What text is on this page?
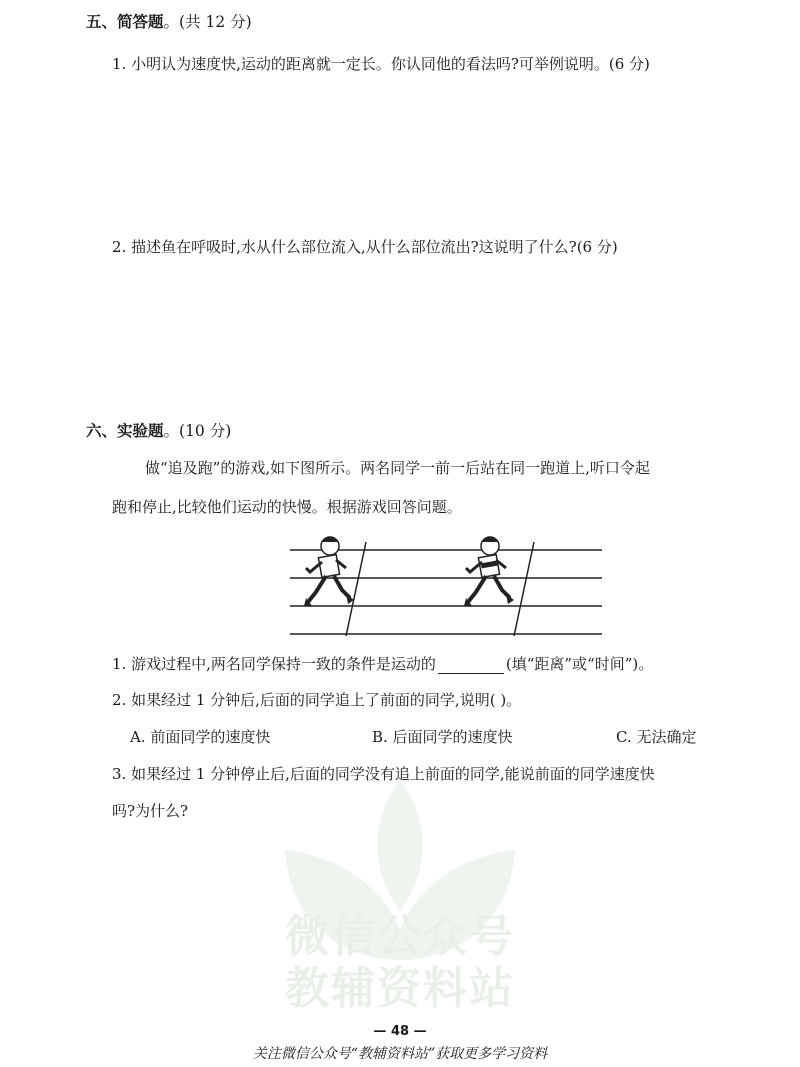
微信公众号
教辅资料站
五、简答题。(共 12 分)
1. 小明认为速度快,运动的距离就一定长。你认同他的看法吗?可举例说明。(6 分)
2. 描述鱼在呼吸时,水从什么部位流入,从什么部位流出?这说明了什么?(6 分)
六、实验题。(10 分)
做“追及跑”的游戏,如下图所示。两名同学一前一后站在同一跑道上,听口令起
跑和停止,比较他们运动的快慢。根据游戏回答问题。
1. 游戏过程中,两名同学保持一致的条件是运动的	(填“距离”或“时间”)。
2. 如果经过 1 分钟后,后面的同学追上了前面的同学,说明( )。
A. 前面同学的速度快	B. 后面同学的速度快	C. 无法确定
3. 如果经过 1 分钟停止后,后面的同学没有追上前面的同学,能说前面的同学速度快
吗?为什么?
— 48 —
关注微信公众号“教辅资料站”获取更多学习资料
